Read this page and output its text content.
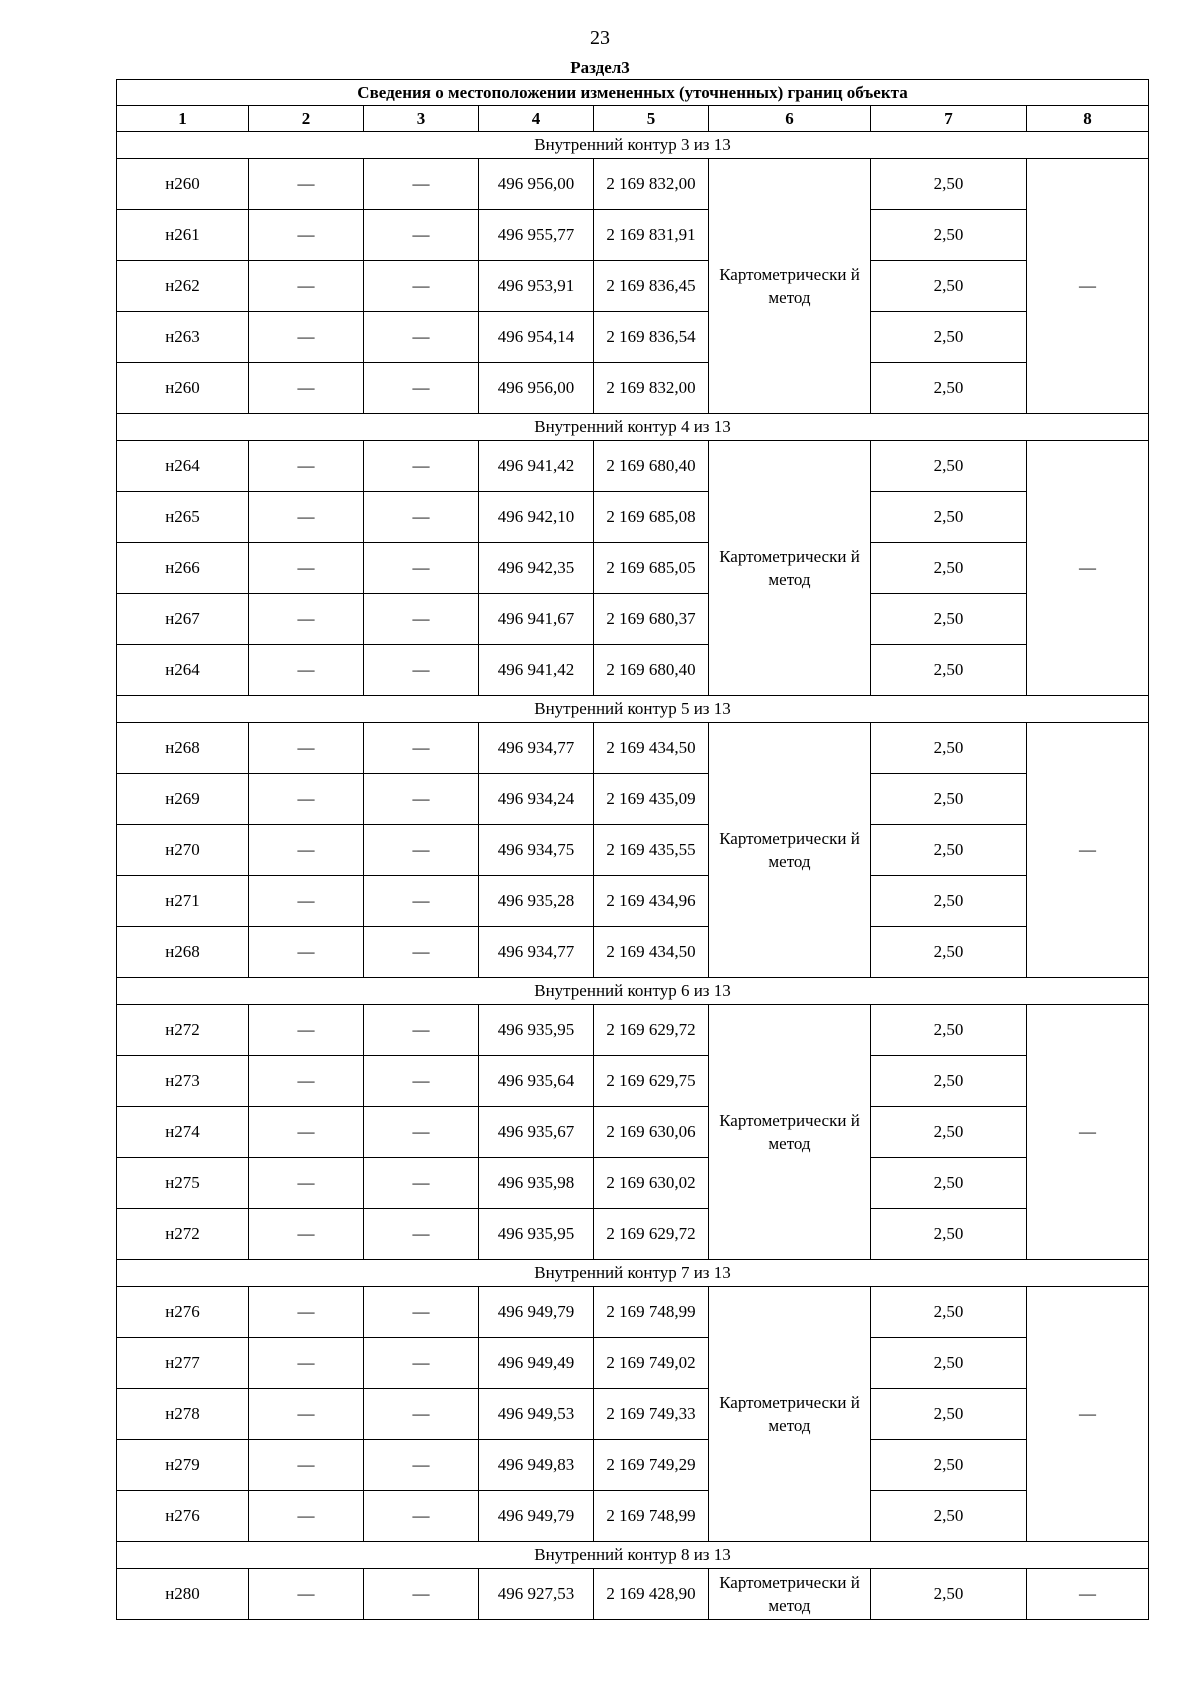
23
Раздел3
Сведения о местоположении измененных (уточненных) границ объекта							
1	2	3	4	5	6	7	8
Внутренний контур 3 из 13							
н260	—	—	496 956,00	2 169 832,00	Картометрически й метод	2,50	—
н261	—	—	496 955,77	2 169 831,91		2,50	
н262	—	—	496 953,91	2 169 836,45		2,50	
н263	—	—	496 954,14	2 169 836,54		2,50	
н260	—	—	496 956,00	2 169 832,00		2,50	
Внутренний контур 4 из 13							
н264	—	—	496 941,42	2 169 680,40	Картометрически й метод	2,50	—
н265	—	—	496 942,10	2 169 685,08		2,50	
н266	—	—	496 942,35	2 169 685,05		2,50	
н267	—	—	496 941,67	2 169 680,37		2,50	
н264	—	—	496 941,42	2 169 680,40		2,50	
Внутренний контур 5 из 13							
н268	—	—	496 934,77	2 169 434,50	Картометрически й метод	2,50	—
н269	—	—	496 934,24	2 169 435,09		2,50	
н270	—	—	496 934,75	2 169 435,55		2,50	
н271	—	—	496 935,28	2 169 434,96		2,50	
н268	—	—	496 934,77	2 169 434,50		2,50	
Внутренний контур 6 из 13							
н272	—	—	496 935,95	2 169 629,72	Картометрически й метод	2,50	—
н273	—	—	496 935,64	2 169 629,75		2,50	
н274	—	—	496 935,67	2 169 630,06		2,50	
н275	—	—	496 935,98	2 169 630,02		2,50	
н272	—	—	496 935,95	2 169 629,72		2,50	
Внутренний контур 7 из 13							
н276	—	—	496 949,79	2 169 748,99	Картометрически й метод	2,50	—
н277	—	—	496 949,49	2 169 749,02		2,50	
н278	—	—	496 949,53	2 169 749,33		2,50	
н279	—	—	496 949,83	2 169 749,29		2,50	
н276	—	—	496 949,79	2 169 748,99		2,50	
Внутренний контур 8 из 13							
н280	—	—	496 927,53	2 169 428,90	Картометрически й метод	2,50	—
